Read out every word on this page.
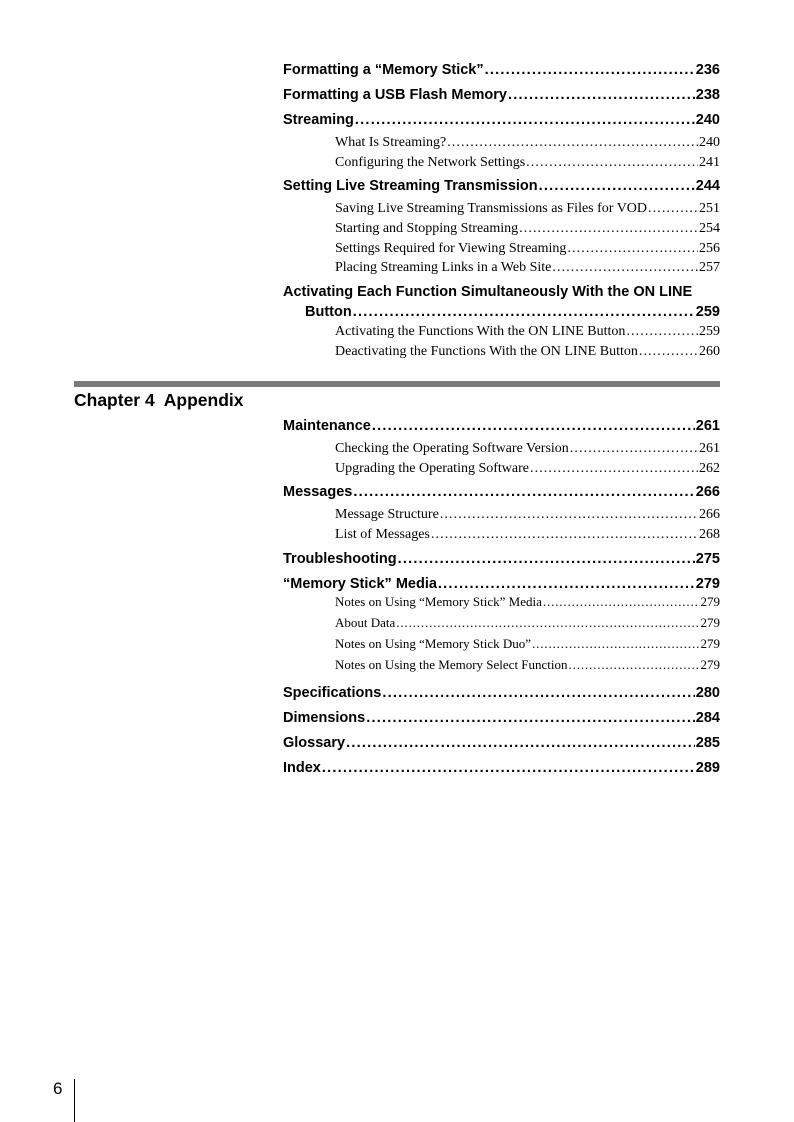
Formatting a “Memory Stick” . . .	236
Formatting a USB Flash Memory . . .	238
Streaming . . .	240
What Is Streaming? . . .	240
Configuring the Network Settings . . .	241
Setting Live Streaming Transmission . . .	244
Saving Live Streaming Transmissions as Files for VOD . . .	251
Starting and Stopping Streaming . . .	254
Settings Required for Viewing Streaming . . .	256
Placing Streaming Links in a Web Site . . .	257
Activating Each Function Simultaneously With the ON LINE
Button . . .	259
Activating the Functions With the ON LINE Button . . .	259
Deactivating the Functions With the ON LINE Button . . .	260
Chapter 4  Appendix
Maintenance . . .	261
Checking the Operating Software Version . . .	261
Upgrading the Operating Software . . .	262
Messages . . .	266
Message Structure . . .	266
List of Messages . . .	268
Troubleshooting . . .	275
“Memory Stick” Media . . .	279
Notes on Using “Memory Stick” Media . . .	279
About Data . . .	279
Notes on Using “Memory Stick Duo” . . .	279
Notes on Using the Memory Select Function . . .	279
Specifications . . .	280
Dimensions . . .	284
Glossary . . .	285
Index . . .	289
6
